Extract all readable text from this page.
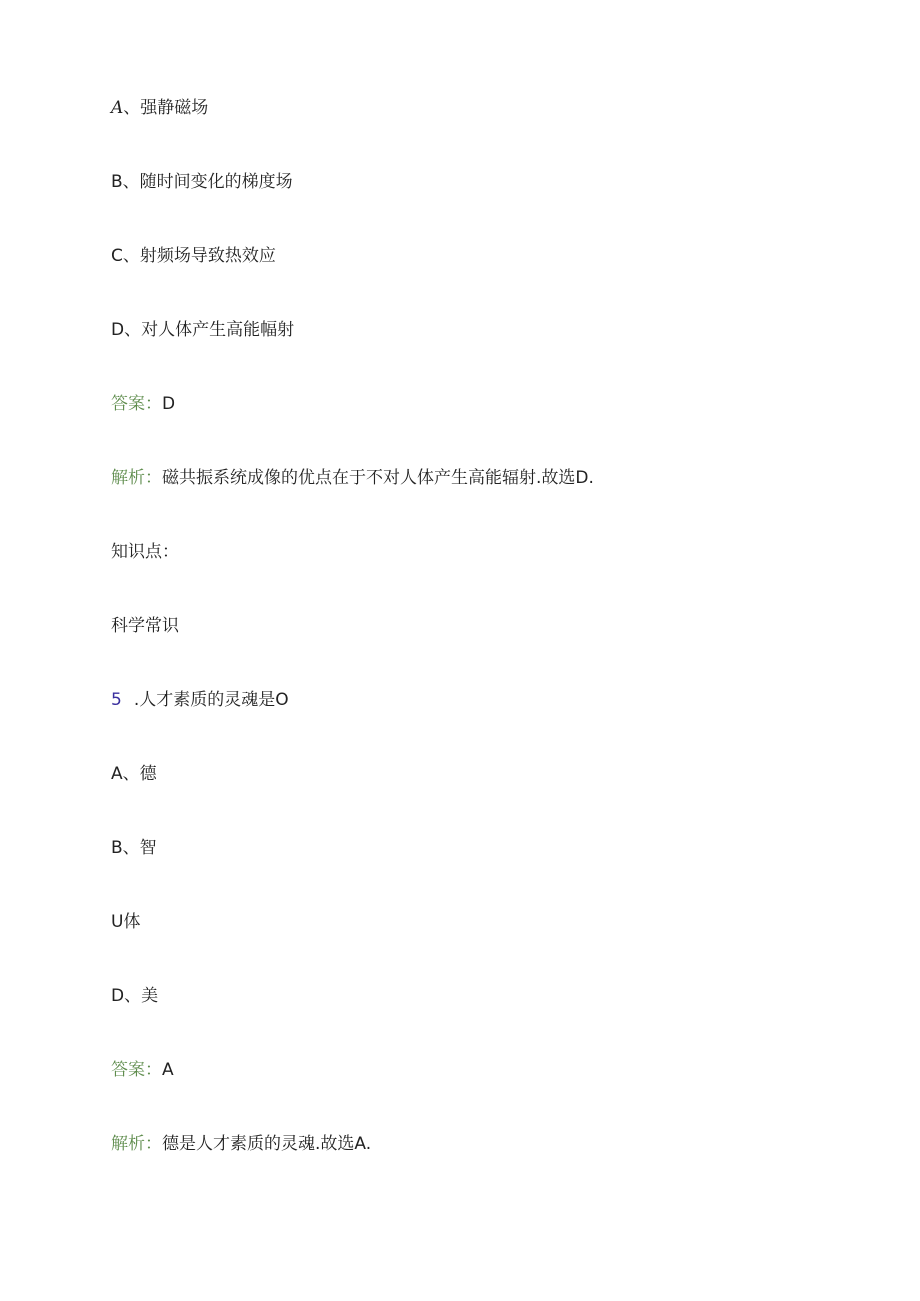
A、强静磁场
B、随时间变化的梯度场
C、射频场导致热效应
D、对人体产生高能幅射
答案：D
解析：磁共振系统成像的优点在于不对人体产生高能辐射.故选D.
知识点：
科学常识
5 .人才素质的灵魂是O
A、德
B、智
U体
D、美
答案：A
解析：德是人才素质的灵魂.故选A.
